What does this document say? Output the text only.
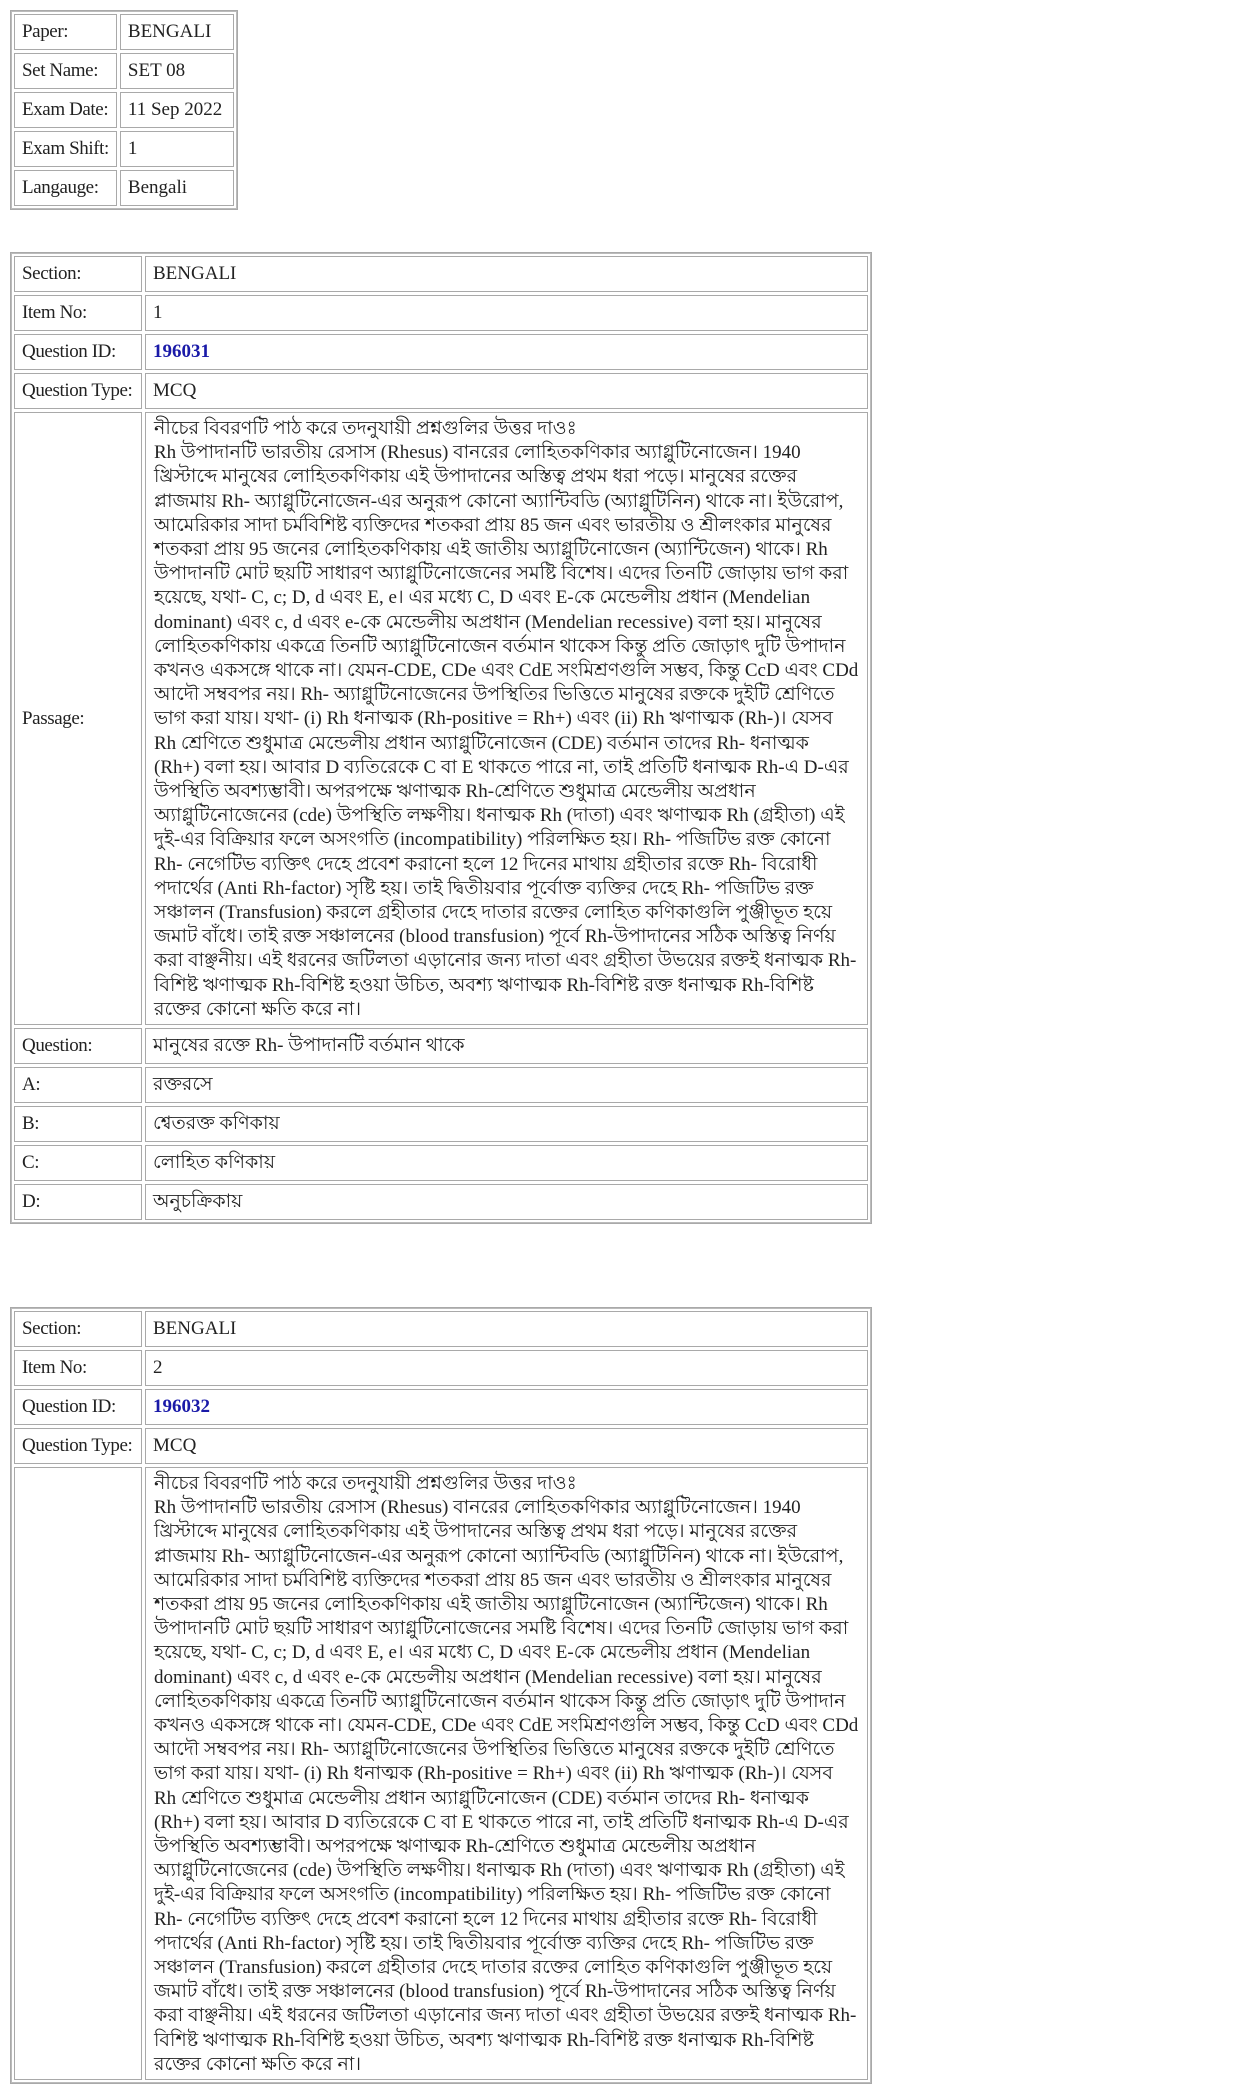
Paper:	BENGALI
Set Name:	SET 08
Exam Date:	11 Sep 2022
Exam Shift:	1
Langauge:	Bengali
Section:	BENGALI
Item No:	1
Question ID:	196031
Question Type:	MCQ
Passage:	নীচের বিবরণটি পাঠ করে তদনুযায়ী প্রশ্নগুলির উত্তর দাওঃ
Rh উপাদানটি ভারতীয় রেসাস (Rhesus) বানরের লোহিতকণিকার অ্যাগ্লুটিনোজেন। 1940 খ্রিস্টাব্দে মানুষের লোহিতকণিকায় এই উপাদানের অস্তিত্ব প্রথম ধরা পড়ে। মানুষের রক্তের প্লাজমায় Rh- অ্যাগ্লুটিনোজেন-এর অনুরূপ কোনো অ্যান্টিবডি (অ্যাগ্লুটিনিন) থাকে না। ইউরোপ, আমেরিকার সাদা চর্মবিশিষ্ট ব্যক্তিদের শতকরা প্রায় 85 জন এবং ভারতীয় ও শ্রীলংকার মানুষের শতকরা প্রায় 95 জনের লোহিতকণিকায় এই জাতীয় অ্যাগ্লুটিনোজেন (অ্যান্টিজেন) থাকে। Rh উপাদানটি মোট ছয়টি সাধারণ অ্যাগ্লুটিনোজেনের সমষ্টি বিশেষ। এদের তিনটি জোড়ায় ভাগ করা হয়েছে, যথা- C, c; D, d এবং E, e। এর মধ্যে C, D এবং E-কে মেন্ডেলীয় প্রধান (Mendelian dominant) এবং c, d এবং e-কে মেন্ডেলীয় অপ্রধান (Mendelian recessive) বলা হয়। মানুষের লোহিতকণিকায় একত্রে তিনটি অ্যাগ্লুটিনোজেন বর্তমান থাকেস কিন্তু প্রতি জোড়াৎ দুটি উপাদান কখনও একসঙ্গে থাকে না। যেমন-CDE, CDe এবং CdE সংমিশ্রণগুলি সম্ভব, কিন্তু CcD এবং CDd আদৌ সম্ববপর নয়। Rh- অ্যাগ্লুটিনোজেনের উপস্থিতির ভিত্তিতে মানুষের রক্তকে দুইটি শ্রেণিতে ভাগ করা যায়। যথা- (i) Rh ধনাত্মক (Rh-positive = Rh+) এবং (ii) Rh ঋণাত্মক (Rh-)। যেসব Rh শ্রেণিতে শুধুমাত্র মেন্ডেলীয় প্রধান অ্যাগ্লুটিনোজেন (CDE) বর্তমান তাদের Rh- ধনাত্মক (Rh+) বলা হয়। আবার D ব্যতিরেকে C বা E থাকতে পারে না, তাই প্রতিটি ধনাত্মক Rh-এ D-এর উপস্থিতি অবশ্যম্ভাবী। অপরপক্ষে ঋণাত্মক Rh-শ্রেণিতে শুধুমাত্র মেন্ডেলীয় অপ্রধান অ্যাগ্লুটিনোজেনের (cde) উপস্থিতি লক্ষণীয়। ধনাত্মক Rh (দাতা) এবং ঋণাত্মক Rh (গ্রহীতা) এই দুই-এর বিক্রিয়ার ফলে অসংগতি (incompatibility) পরিলক্ষিত হয়। Rh- পজিটিভ রক্ত কোনো Rh- নেগেটিভ ব্যক্তিৎ দেহে প্রবেশ করানো হলে 12 দিনের মাথায় গ্রহীতার রক্তে Rh- বিরোধী পদার্থের (Anti Rh-factor) সৃষ্টি হয়। তাই দ্বিতীয়বার পূর্বোক্ত ব্যক্তির দেহে Rh- পজিটিভ রক্ত সঞ্চালন (Transfusion) করলে গ্রহীতার দেহে দাতার রক্তের লোহিত কণিকাগুলি পুঞ্জীভূত হয়ে জমাট বাঁধে। তাই রক্ত সঞ্চালনের (blood transfusion) পূর্বে Rh-উপাদানের সঠিক অস্তিত্ব নির্ণয় করা বাঞ্ছনীয়। এই ধরনের জটিলতা এড়ানোর জন্য দাতা এবং গ্রহীতা উভয়ের রক্তই ধনাত্মক Rh- বিশিষ্ট ঋণাত্মক Rh-বিশিষ্ট হওয়া উচিত, অবশ্য ঋণাত্মক Rh-বিশিষ্ট রক্ত ধনাত্মক Rh-বিশিষ্ট রক্তের কোনো ক্ষতি করে না।

Question:	মানুষের রক্তে Rh- উপাদানটি বর্তমান থাকে
A:	রক্তরসে
B:	শ্বেতরক্ত কণিকায়
C:	লোহিত কণিকায়
D:	অনুচক্রিকায়
Section:	BENGALI
Item No:	2
Question ID:	196032
Question Type:	MCQ

	নীচের বিবরণটি পাঠ করে তদনুযায়ী প্রশ্নগুলির উত্তর দাওঃ
Rh উপাদানটি ভারতীয় রেসাস (Rhesus) বানরের লোহিতকণিকার অ্যাগ্লুটিনোজেন। 1940 খ্রিস্টাব্দে মানুষের লোহিতকণিকায় এই উপাদানের অস্তিত্ব প্রথম ধরা পড়ে। মানুষের রক্তের প্লাজমায় Rh- অ্যাগ্লুটিনোজেন-এর অনুরূপ কোনো অ্যান্টিবডি (অ্যাগ্লুটিনিন) থাকে না। ইউরোপ, আমেরিকার সাদা চর্মবিশিষ্ট ব্যক্তিদের শতকরা প্রায় 85 জন এবং ভারতীয় ও শ্রীলংকার মানুষের শতকরা প্রায় 95 জনের লোহিতকণিকায় এই জাতীয় অ্যাগ্লুটিনোজেন (অ্যান্টিজেন) থাকে। Rh উপাদানটি মোট ছয়টি সাধারণ অ্যাগ্লুটিনোজেনের সমষ্টি বিশেষ। এদের তিনটি জোড়ায় ভাগ করা হয়েছে, যথা- C, c; D, d এবং E, e। এর মধ্যে C, D এবং E-কে মেন্ডেলীয় প্রধান (Mendelian dominant) এবং c, d এবং e-কে মেন্ডেলীয় অপ্রধান (Mendelian recessive) বলা হয়। মানুষের লোহিতকণিকায় একত্রে তিনটি অ্যাগ্লুটিনোজেন বর্তমান থাকেস কিন্তু প্রতি জোড়াৎ দুটি উপাদান কখনও একসঙ্গে থাকে না। যেমন-CDE, CDe এবং CdE সংমিশ্রণগুলি সম্ভব, কিন্তু CcD এবং CDd আদৌ সম্ববপর নয়। Rh- অ্যাগ্লুটিনোজেনের উপস্থিতির ভিত্তিতে মানুষের রক্তকে দুইটি শ্রেণিতে ভাগ করা যায়। যথা- (i) Rh ধনাত্মক (Rh-positive = Rh+) এবং (ii) Rh ঋণাত্মক (Rh-)। যেসব Rh শ্রেণিতে শুধুমাত্র মেন্ডেলীয় প্রধান অ্যাগ্লুটিনোজেন (CDE) বর্তমান তাদের Rh- ধনাত্মক (Rh+) বলা হয়। আবার D ব্যতিরেকে C বা E থাকতে পারে না, তাই প্রতিটি ধনাত্মক Rh-এ D-এর উপস্থিতি অবশ্যম্ভাবী। অপরপক্ষে ঋণাত্মক Rh-শ্রেণিতে শুধুমাত্র মেন্ডেলীয় অপ্রধান অ্যাগ্লুটিনোজেনের (cde) উপস্থিতি লক্ষণীয়। ধনাত্মক Rh (দাতা) এবং ঋণাত্মক Rh (গ্রহীতা) এই দুই-এর বিক্রিয়ার ফলে অসংগতি (incompatibility) পরিলক্ষিত হয়। Rh- পজিটিভ রক্ত কোনো Rh- নেগেটিভ ব্যক্তিৎ দেহে প্রবেশ করানো হলে 12 দিনের মাথায় গ্রহীতার রক্তে Rh- বিরোধী পদার্থের (Anti Rh-factor) সৃষ্টি হয়। তাই দ্বিতীয়বার পূর্বোক্ত ব্যক্তির দেহে Rh- পজিটিভ রক্ত সঞ্চালন (Transfusion) করলে গ্রহীতার দেহে দাতার রক্তের লোহিত কণিকাগুলি পুঞ্জীভূত হয়ে জমাট বাঁধে। তাই রক্ত সঞ্চালনের (blood transfusion) পূর্বে Rh-উপাদানের সঠিক অস্তিত্ব নির্ণয় করা বাঞ্ছনীয়। এই ধরনের জটিলতা এড়ানোর জন্য দাতা এবং গ্রহীতা উভয়ের রক্তই ধনাত্মক Rh- বিশিষ্ট ঋণাত্মক Rh-বিশিষ্ট হওয়া উচিত, অবশ্য ঋণাত্মক Rh-বিশিষ্ট রক্ত ধনাত্মক Rh-বিশিষ্ট রক্তের কোনো ক্ষতি করে না।
